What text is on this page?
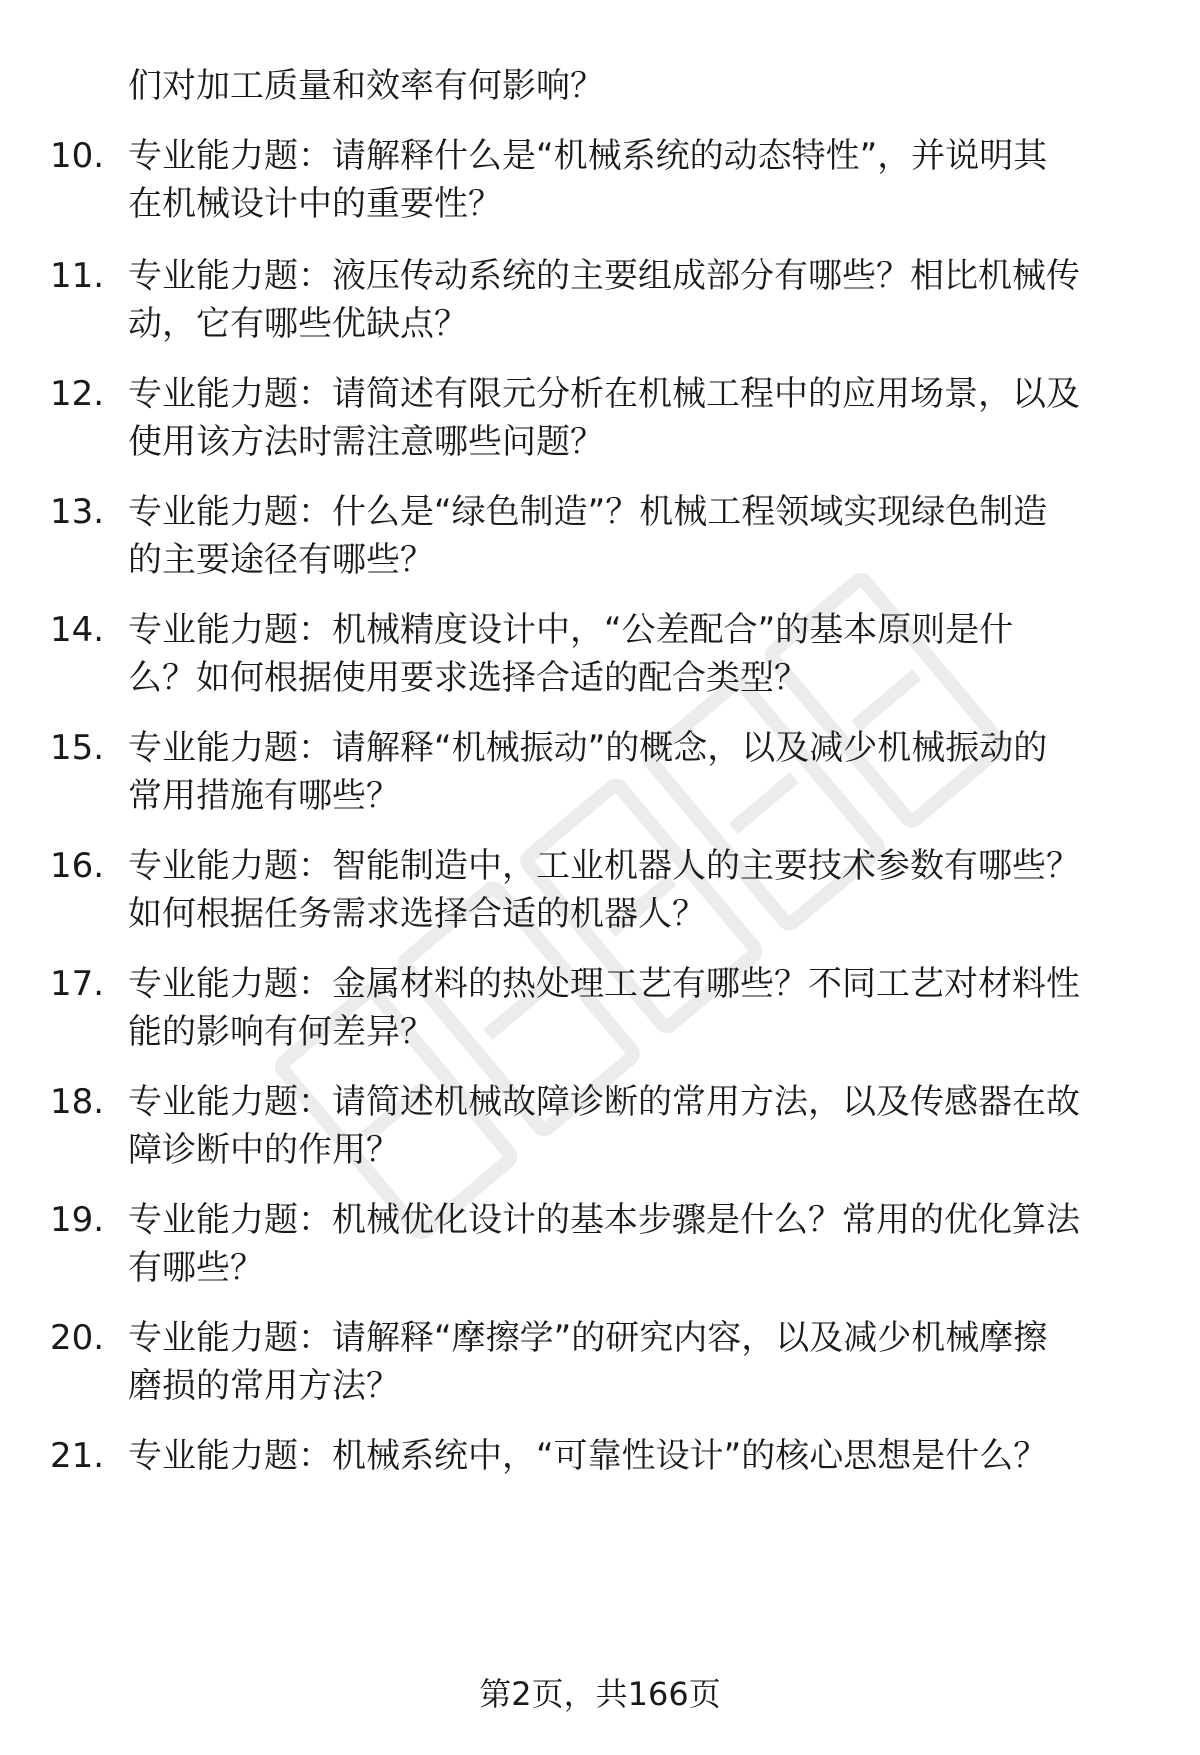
们对加工质量和效率有何影响？
10. 专业能力题：请解释什么是“机械系统的动态特性”，并说明其
在机械设计中的重要性？
11. 专业能力题：液压传动系统的主要组成部分有哪些？相比机械传
动，它有哪些优缺点？
12. 专业能力题：请简述有限元分析在机械工程中的应用场景，以及
使用该方法时需注意哪些问题？
13. 专业能力题：什么是“绿色制造”？机械工程领域实现绿色制造
的主要途径有哪些？
14. 专业能力题：机械精度设计中，“公差配合”的基本原则是什
么？如何根据使用要求选择合适的配合类型？
15. 专业能力题：请解释“机械振动”的概念，以及减少机械振动的
常用措施有哪些？
16. 专业能力题：智能制造中，工业机器人的主要技术参数有哪些？
如何根据任务需求选择合适的机器人？
17. 专业能力题：金属材料的热处理工艺有哪些？不同工艺对材料性
能的影响有何差异？
18. 专业能力题：请简述机械故障诊断的常用方法，以及传感器在故
障诊断中的作用？
19. 专业能力题：机械优化设计的基本步骤是什么？常用的优化算法
有哪些？
20. 专业能力题：请解释“摩擦学”的研究内容，以及减少机械摩擦
磨损的常用方法？
21. 专业能力题：机械系统中，“可靠性设计”的核心思想是什么？
第2页，共166页
